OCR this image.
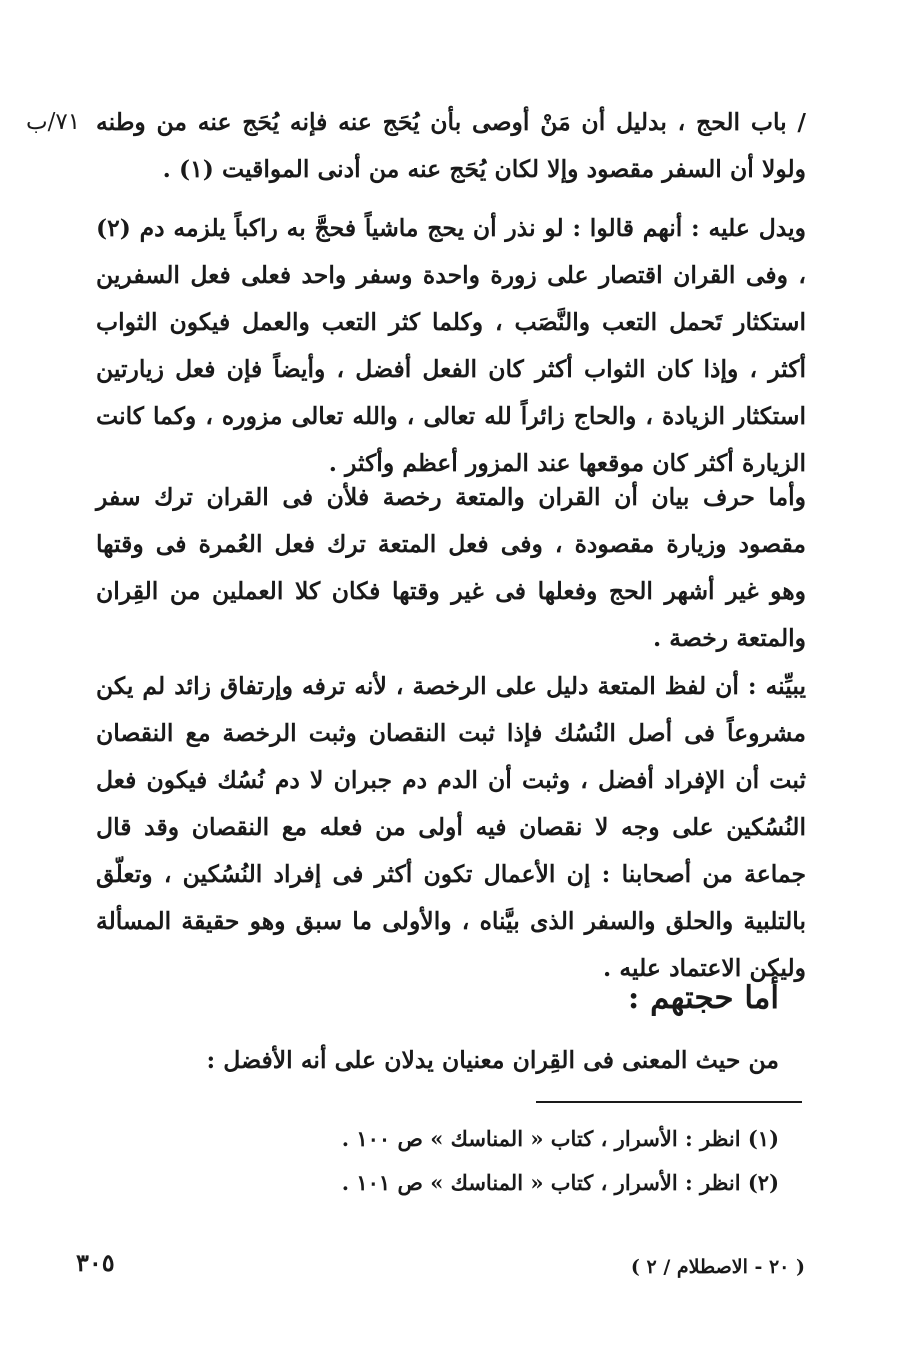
٧١/ب / باب الحج ، بدليل أن مَنْ أوصى بأن يُحَج عنه فإنه يُحَج عنه من وطنه ولولا أن السفر مقصود وإلا لكان يُحَج عنه من أدنى المواقيت (١) .

ويدل عليه : أنهم قالوا : لو نذر أن يحج ماشياً فحجَّ به راكباً يلزمه دم (٢) ، وفى القران اقتصار على زورة واحدة وسفر واحد فعلى فعل السفرين استكثار تَحمل التعب والنَّصَب ، وكلما كثر التعب والعمل فيكون الثواب أكثر ، وإذا كان الثواب أكثر كان الفعل أفضل ، وأيضاً فإن فعل زيارتين استكثار الزيادة ، والحاج زائراً لله تعالى ، والله تعالى مزوره ، وكما كانت الزيارة أكثر كان موقعها عند المزور أعظم وأكثر .

وأما حرف بيان أن القران والمتعة رخصة فلأن فى القران ترك سفر مقصود وزيارة مقصودة ، وفى فعل المتعة ترك فعل العُمرة فى وقتها وهو غير أشهر الحج وفعلها فى غير وقتها فكان كلا العملين من القِران والمتعة رخصة .

يبيِّنه : أن لفظ المتعة دليل على الرخصة ، لأنه ترفه وإرتفاق زائد لم يكن مشروعاً فى أصل النُسُك فإذا ثبت النقصان وثبت الرخصة مع النقصان ثبت أن الإفراد أفضل ، وثبت أن الدم دم جبران لا دم نُسُك فيكون فعل النُسُكين على وجه لا نقصان فيه أولى من فعله مع النقصان وقد قال جماعة من أصحابنا : إن الأعمال تكون أكثر فى إفراد النُسُكين ، وتعلّق بالتلبية والحلق والسفر الذى بيَّناه ، والأولى ما سبق وهو حقيقة المسألة وليكن الاعتماد عليه .

أما حجتهم :

من حيث المعنى فى القِران معنيان يدلان على أنه الأفضل :

(١) انظر : الأسرار ، كتاب « المناسك » ص ١٠٠ .

(٢) انظر : الأسرار ، كتاب « المناسك » ص ١٠١ .

٣٠٥	( ٢٠ - الاصطلام / ٢ )
